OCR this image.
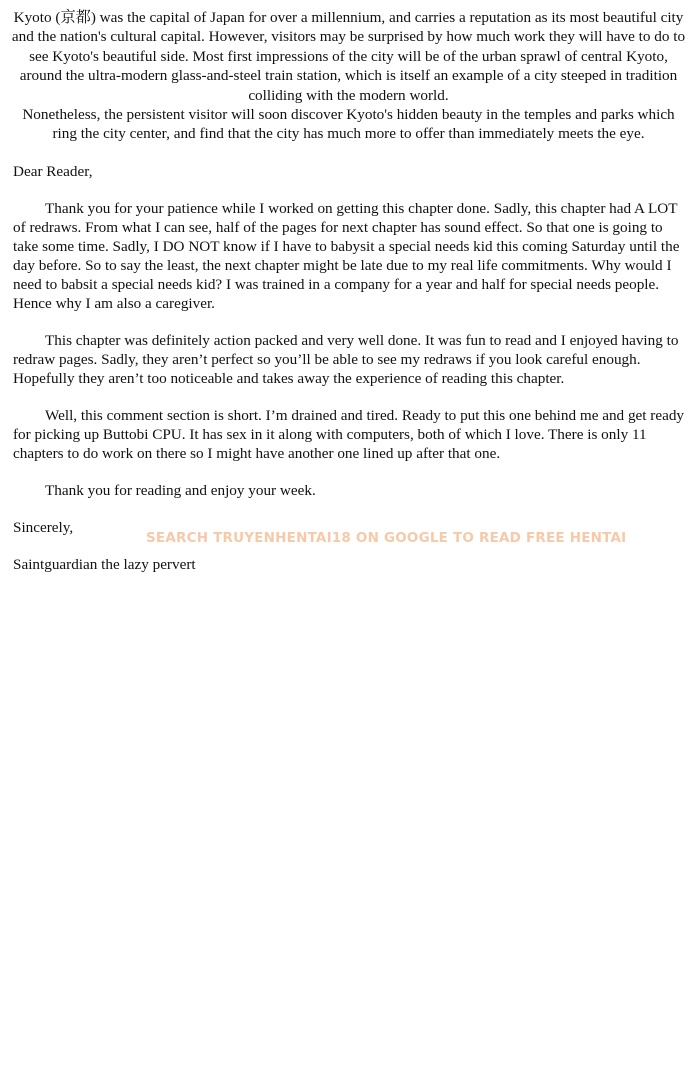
Kyoto (京都) was the capital of Japan for over a millennium, and carries a reputation as its most beautiful city and the nation's cultural capital. However, visitors may be surprised by how much work they will have to do to see Kyoto's beautiful side. Most first impressions of the city will be of the urban sprawl of central Kyoto, around the ultra-modern glass-and-steel train station, which is itself an example of a city steeped in tradition colliding with the modern world.

Nonetheless, the persistent visitor will soon discover Kyoto's hidden beauty in the temples and parks which ring the city center, and find that the city has much more to offer than immediately meets the eye.

Dear Reader,

Thank you for your patience while I worked on getting this chapter done. Sadly, this chapter had A LOT of redraws. From what I can see, half of the pages for next chapter has sound effect. So that one is going to take some time. Sadly, I DO NOT know if I have to babysit a special needs kid this coming Saturday until the day before. So to say the least, the next chapter might be late due to my real life commitments. Why would I need to babsit a special needs kid? I was trained in a company for a year and half for special needs people. Hence why I am also a caregiver.

This chapter was definitely action packed and very well done. It was fun to read and I enjoyed having to redraw pages. Sadly, they aren’t perfect so you’ll be able to see my redraws if you look careful enough. Hopefully they aren’t too noticeable and takes away the experience of reading this chapter.

Well, this comment section is short. I’m drained and tired. Ready to put this one behind me and get ready for picking up Buttobi CPU. It has sex in it along with computers, both of which I love. There is only 11 chapters to do work on there so I might have another one lined up after that one.

Thank you for reading and enjoy your week.

Sincerely,

Saintguardian the lazy pervert

SEARCH TRUYENHENTAI18 ON GOOGLE TO READ FREE HENTAI
